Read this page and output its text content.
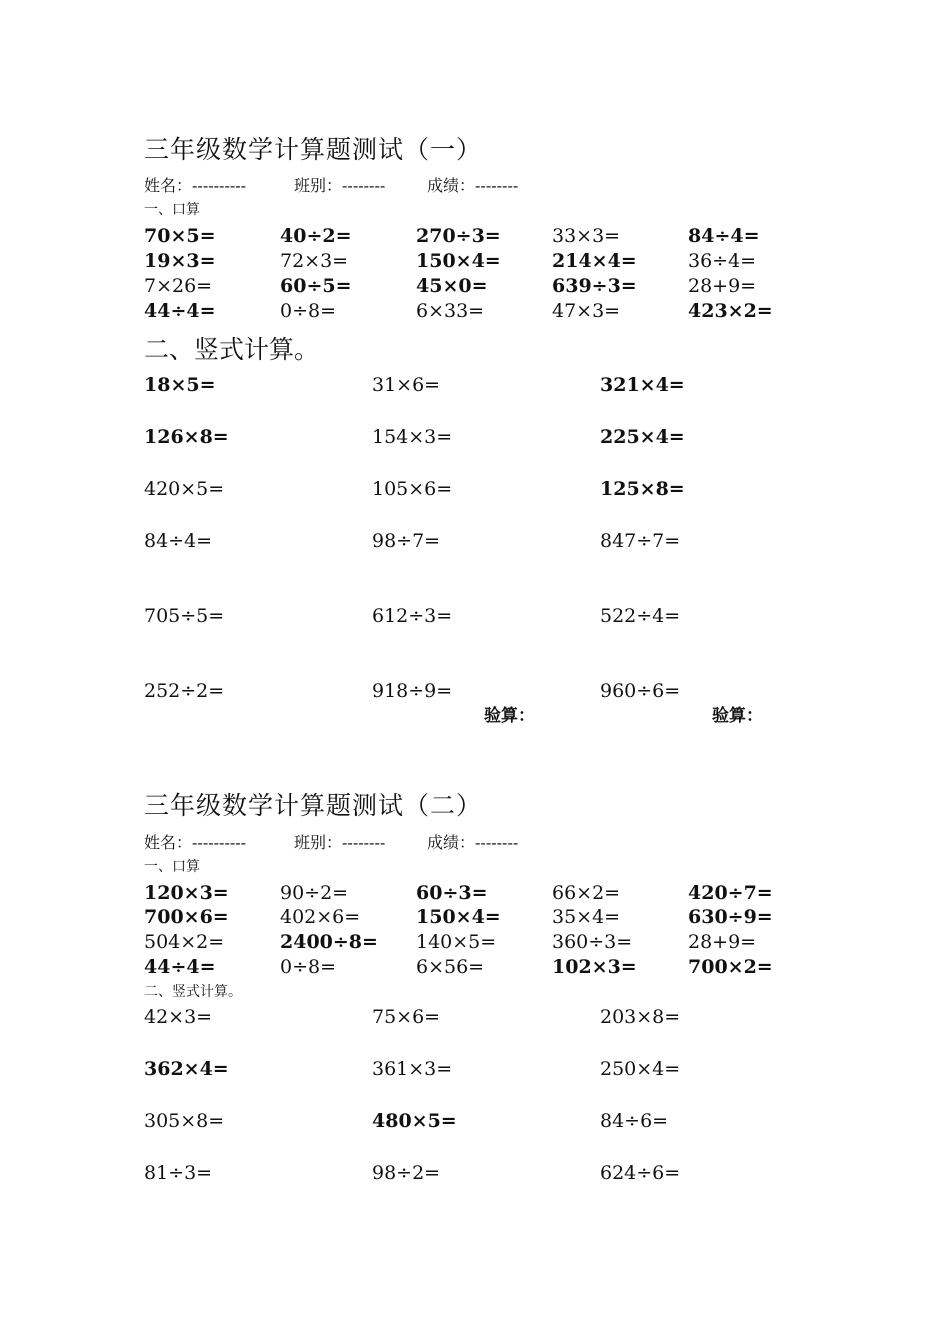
三年级数学计算题测试（一）
姓名：----------	班别：--------	成绩：--------
一、口算
70×5=	40÷2=	270÷3=	33×3=	84÷4=
19×3=	72×3=	150×4=	214×4=	36÷4=
7×26=	60÷5=	45×0=	639÷3=	28+9=
44÷4=	0÷8=	6×33=	47×3=	423×2=
二、竖式计算。
18×5=	31×6=	321×4=
126×8=	154×3=	225×4=
420×5=	105×6=	125×8=
84÷4=	98÷7=	847÷7=
705÷5=	612÷3=	522÷4=
252÷2=	918÷9=	960÷6=
验算：	验算：
三年级数学计算题测试（二）
姓名：----------	班别：--------	成绩：--------
一、口算
120×3=	90÷2=	60÷3=	66×2=	420÷7=
700×6=	402×6=	150×4=	35×4=	630÷9=
504×2=	2400÷8= 140×5=	360÷3=	28+9=
44÷4=	0÷8=	6×56=	102×3=	700×2=
二、竖式计算。
42×3=	75×6=	203×8=
362×4=	361×3=	250×4=
305×8=	480×5=	84÷6=
81÷3=	98÷2=	624÷6=
